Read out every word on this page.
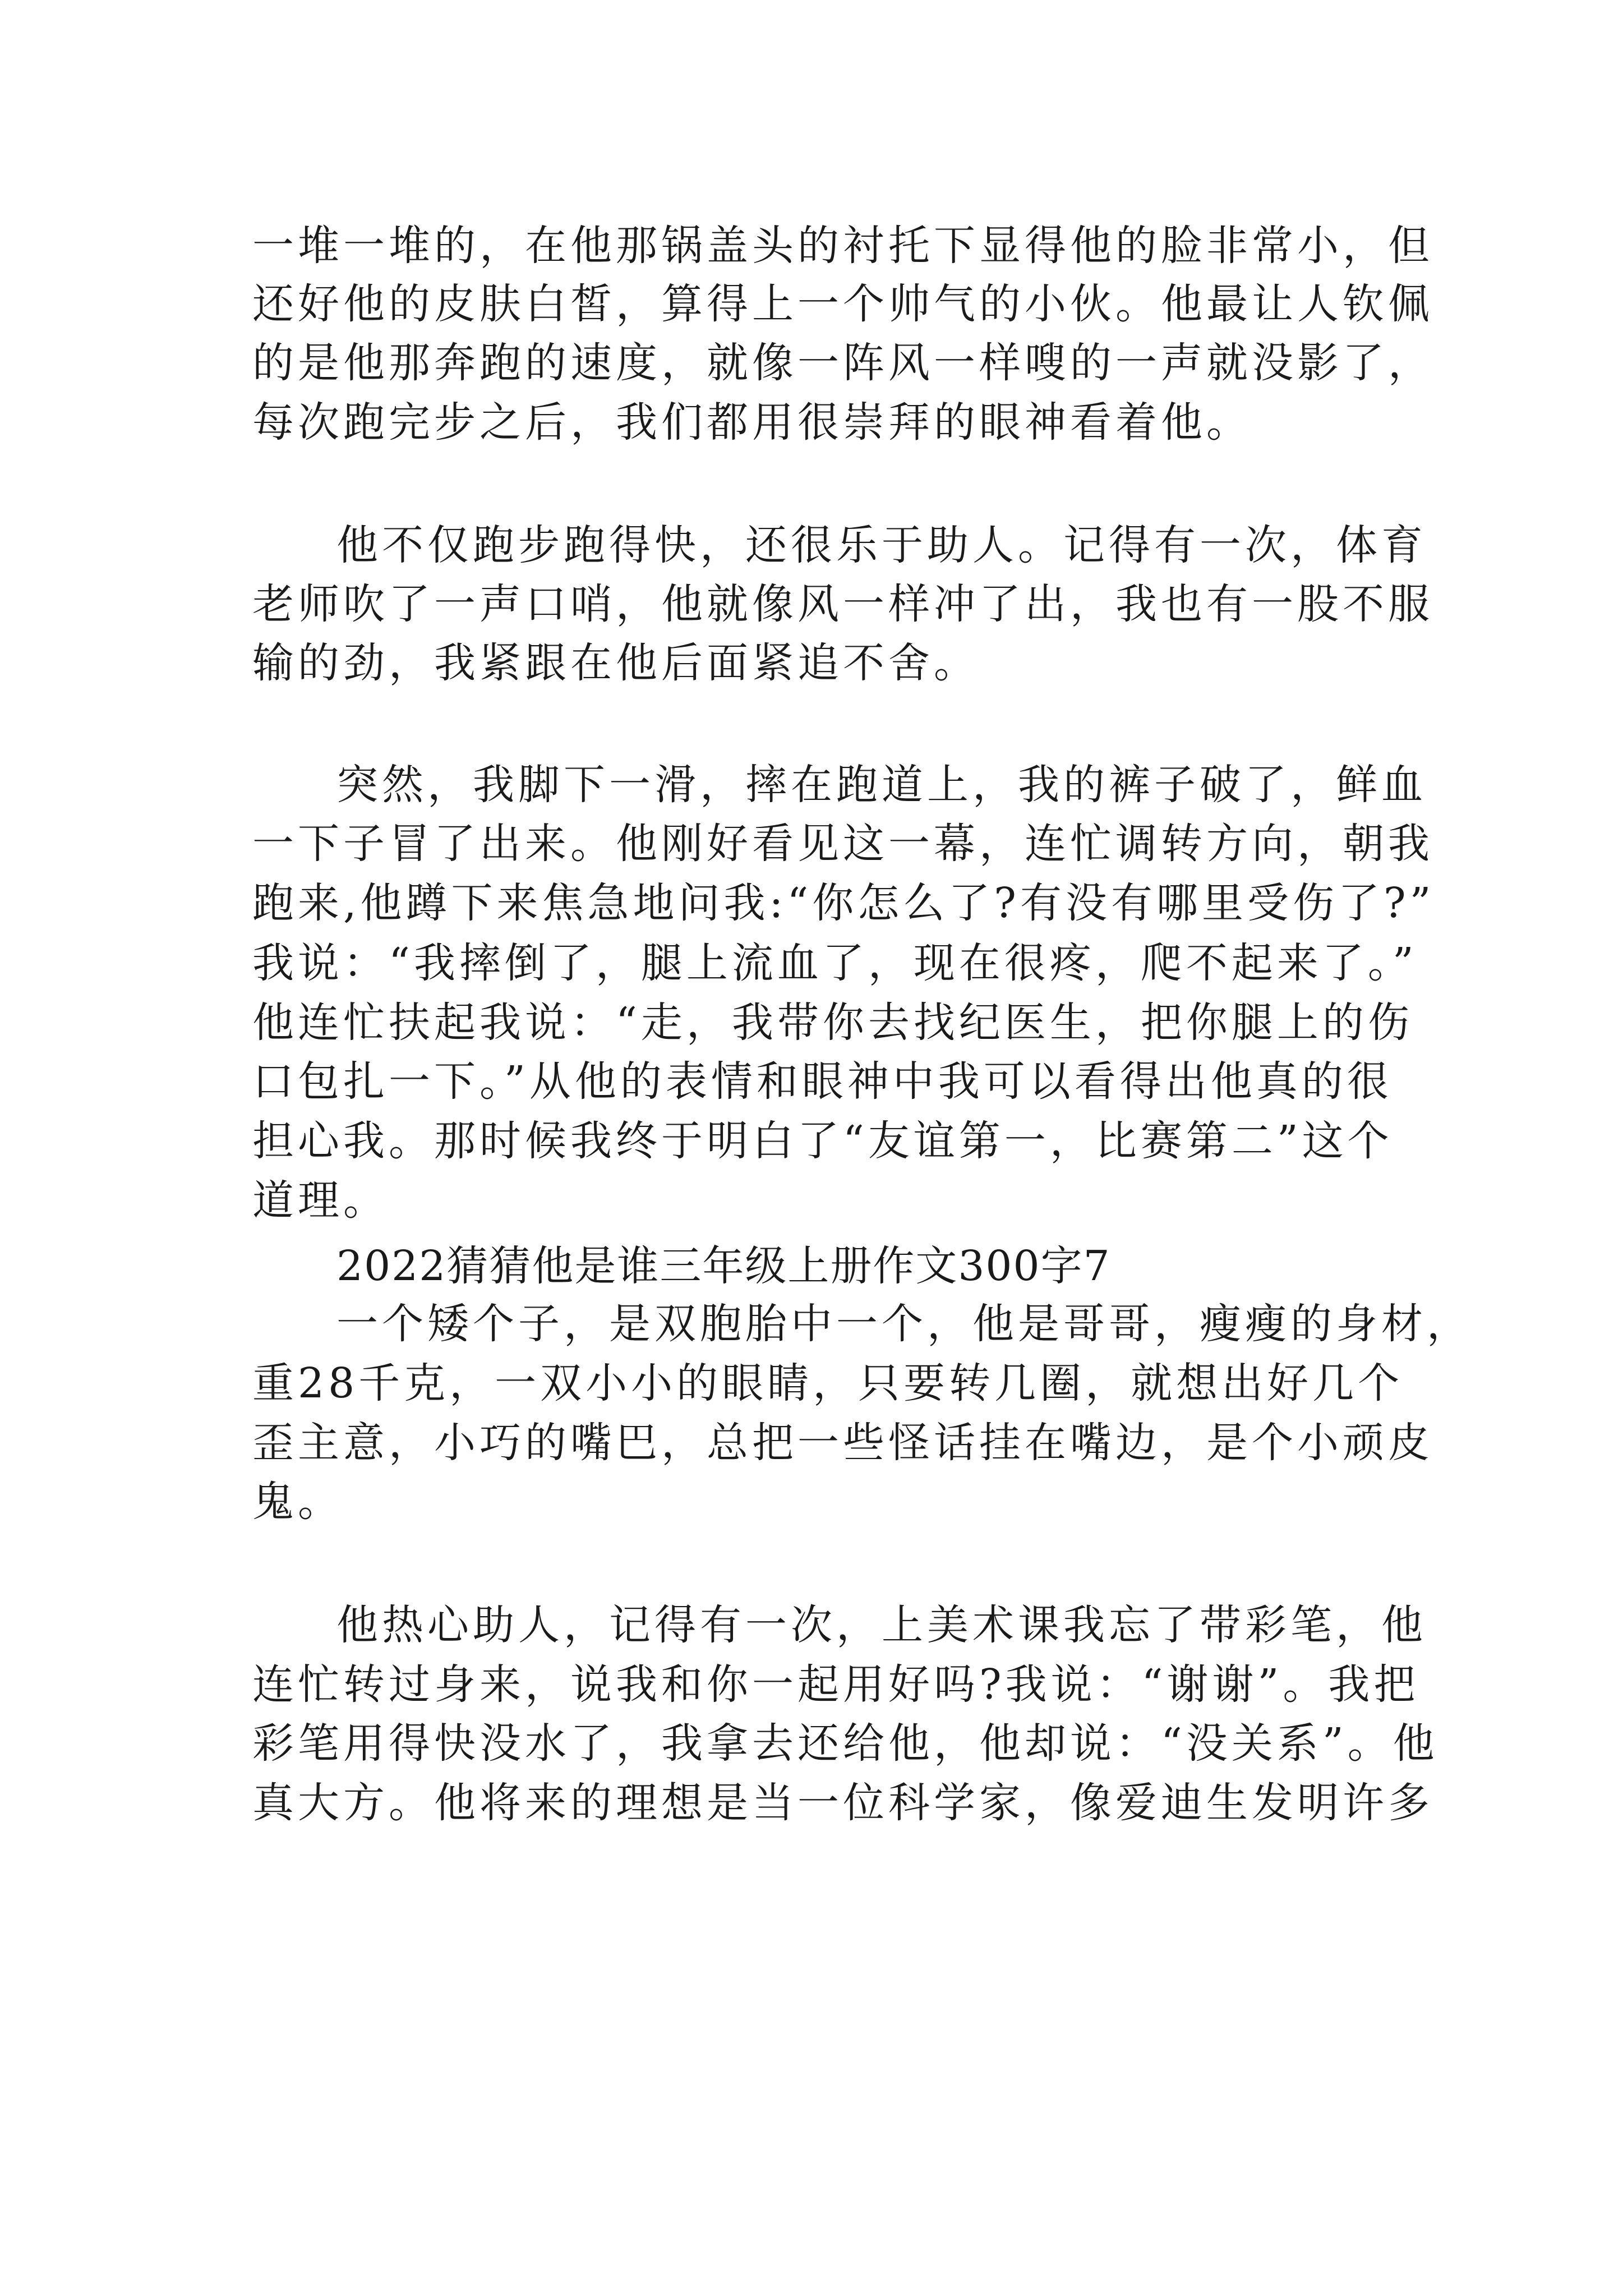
一堆一堆的，在他那锅盖头的衬托下显得他的脸非常小，但
还好他的皮肤白皙，算得上一个帅气的小伙。他最让人钦佩
的是他那奔跑的速度，就像一阵风一样嗖的一声就没影了，
每次跑完步之后，我们都用很崇拜的眼神看着他。
他不仅跑步跑得快，还很乐于助人。记得有一次，体育
老师吹了一声口哨，他就像风一样冲了出，我也有一股不服
输的劲，我紧跟在他后面紧追不舍。
突然，我脚下一滑，摔在跑道上，我的裤子破了，鲜血
一下子冒了出来。他刚好看见这一幕，连忙调转方向，朝我
跑来,他蹲下来焦急地问我:“你怎么了?有没有哪里受伤了?”
我说：“我摔倒了，腿上流血了，现在很疼，爬不起来了。”
他连忙扶起我说：“走，我带你去找纪医生，把你腿上的伤
口包扎一下。”从他的表情和眼神中我可以看得出他真的很
担心我。那时候我终于明白了“友谊第一，比赛第二”这个
道理。
2022猜猜他是谁三年级上册作文300字7
一个矮个子，是双胞胎中一个，他是哥哥，瘦瘦的身材，
重28千克，一双小小的眼睛，只要转几圈，就想出好几个
歪主意，小巧的嘴巴，总把一些怪话挂在嘴边，是个小顽皮
鬼。
他热心助人，记得有一次，上美术课我忘了带彩笔，他
连忙转过身来，说我和你一起用好吗?我说：“谢谢”。我把
彩笔用得快没水了，我拿去还给他，他却说：“没关系”。他
真大方。他将来的理想是当一位科学家，像爱迪生发明许多
